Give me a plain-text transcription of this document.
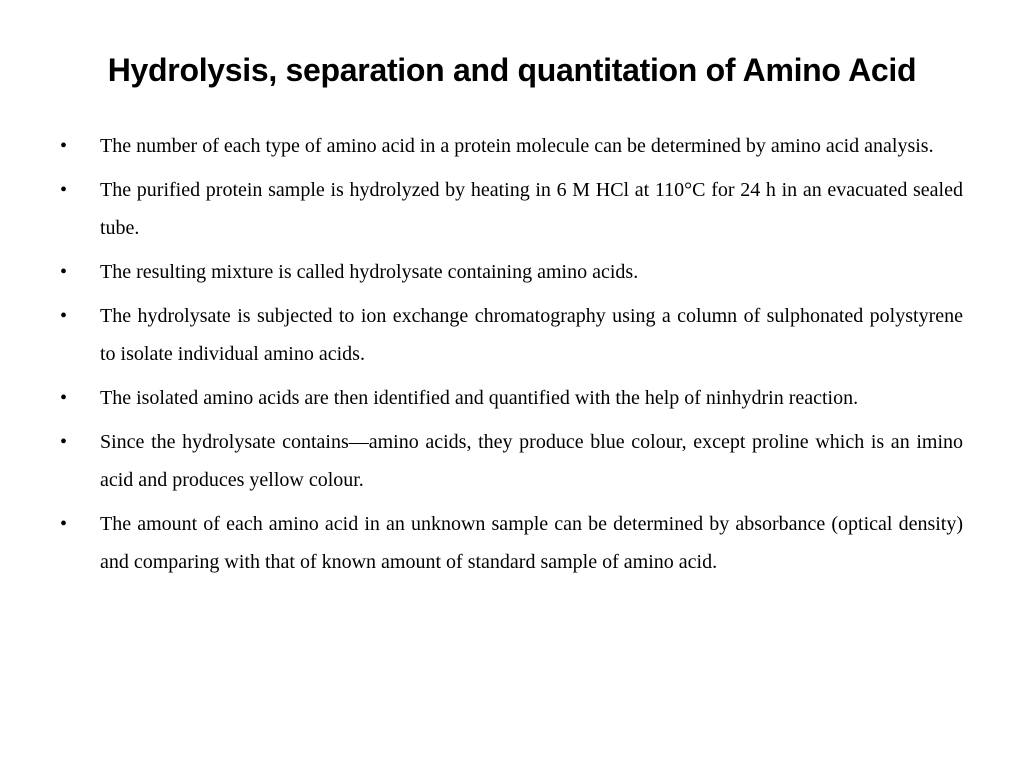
Hydrolysis, separation and quantitation of Amino Acid
•	The number of each type of amino acid in a protein molecule can be determined by amino acid analysis.
•	The purified protein sample is hydrolyzed by heating in 6 M HCl at 110°C for 24 h in an evacuated sealed tube.
•	The resulting mixture is called hydrolysate containing amino acids.
•	The hydrolysate is subjected to ion exchange chromatography using a column of sulphonated polystyrene to isolate individual amino acids.
•	The isolated amino acids are then identified and quantified with the help of ninhydrin reaction.
•	Since the hydrolysate contains—amino acids, they produce blue colour, except proline which is an imino acid and produces yellow colour.
•	The amount of each amino acid in an unknown sample can be determined by absorbance (optical density) and comparing with that of known amount of standard sample of amino acid.
